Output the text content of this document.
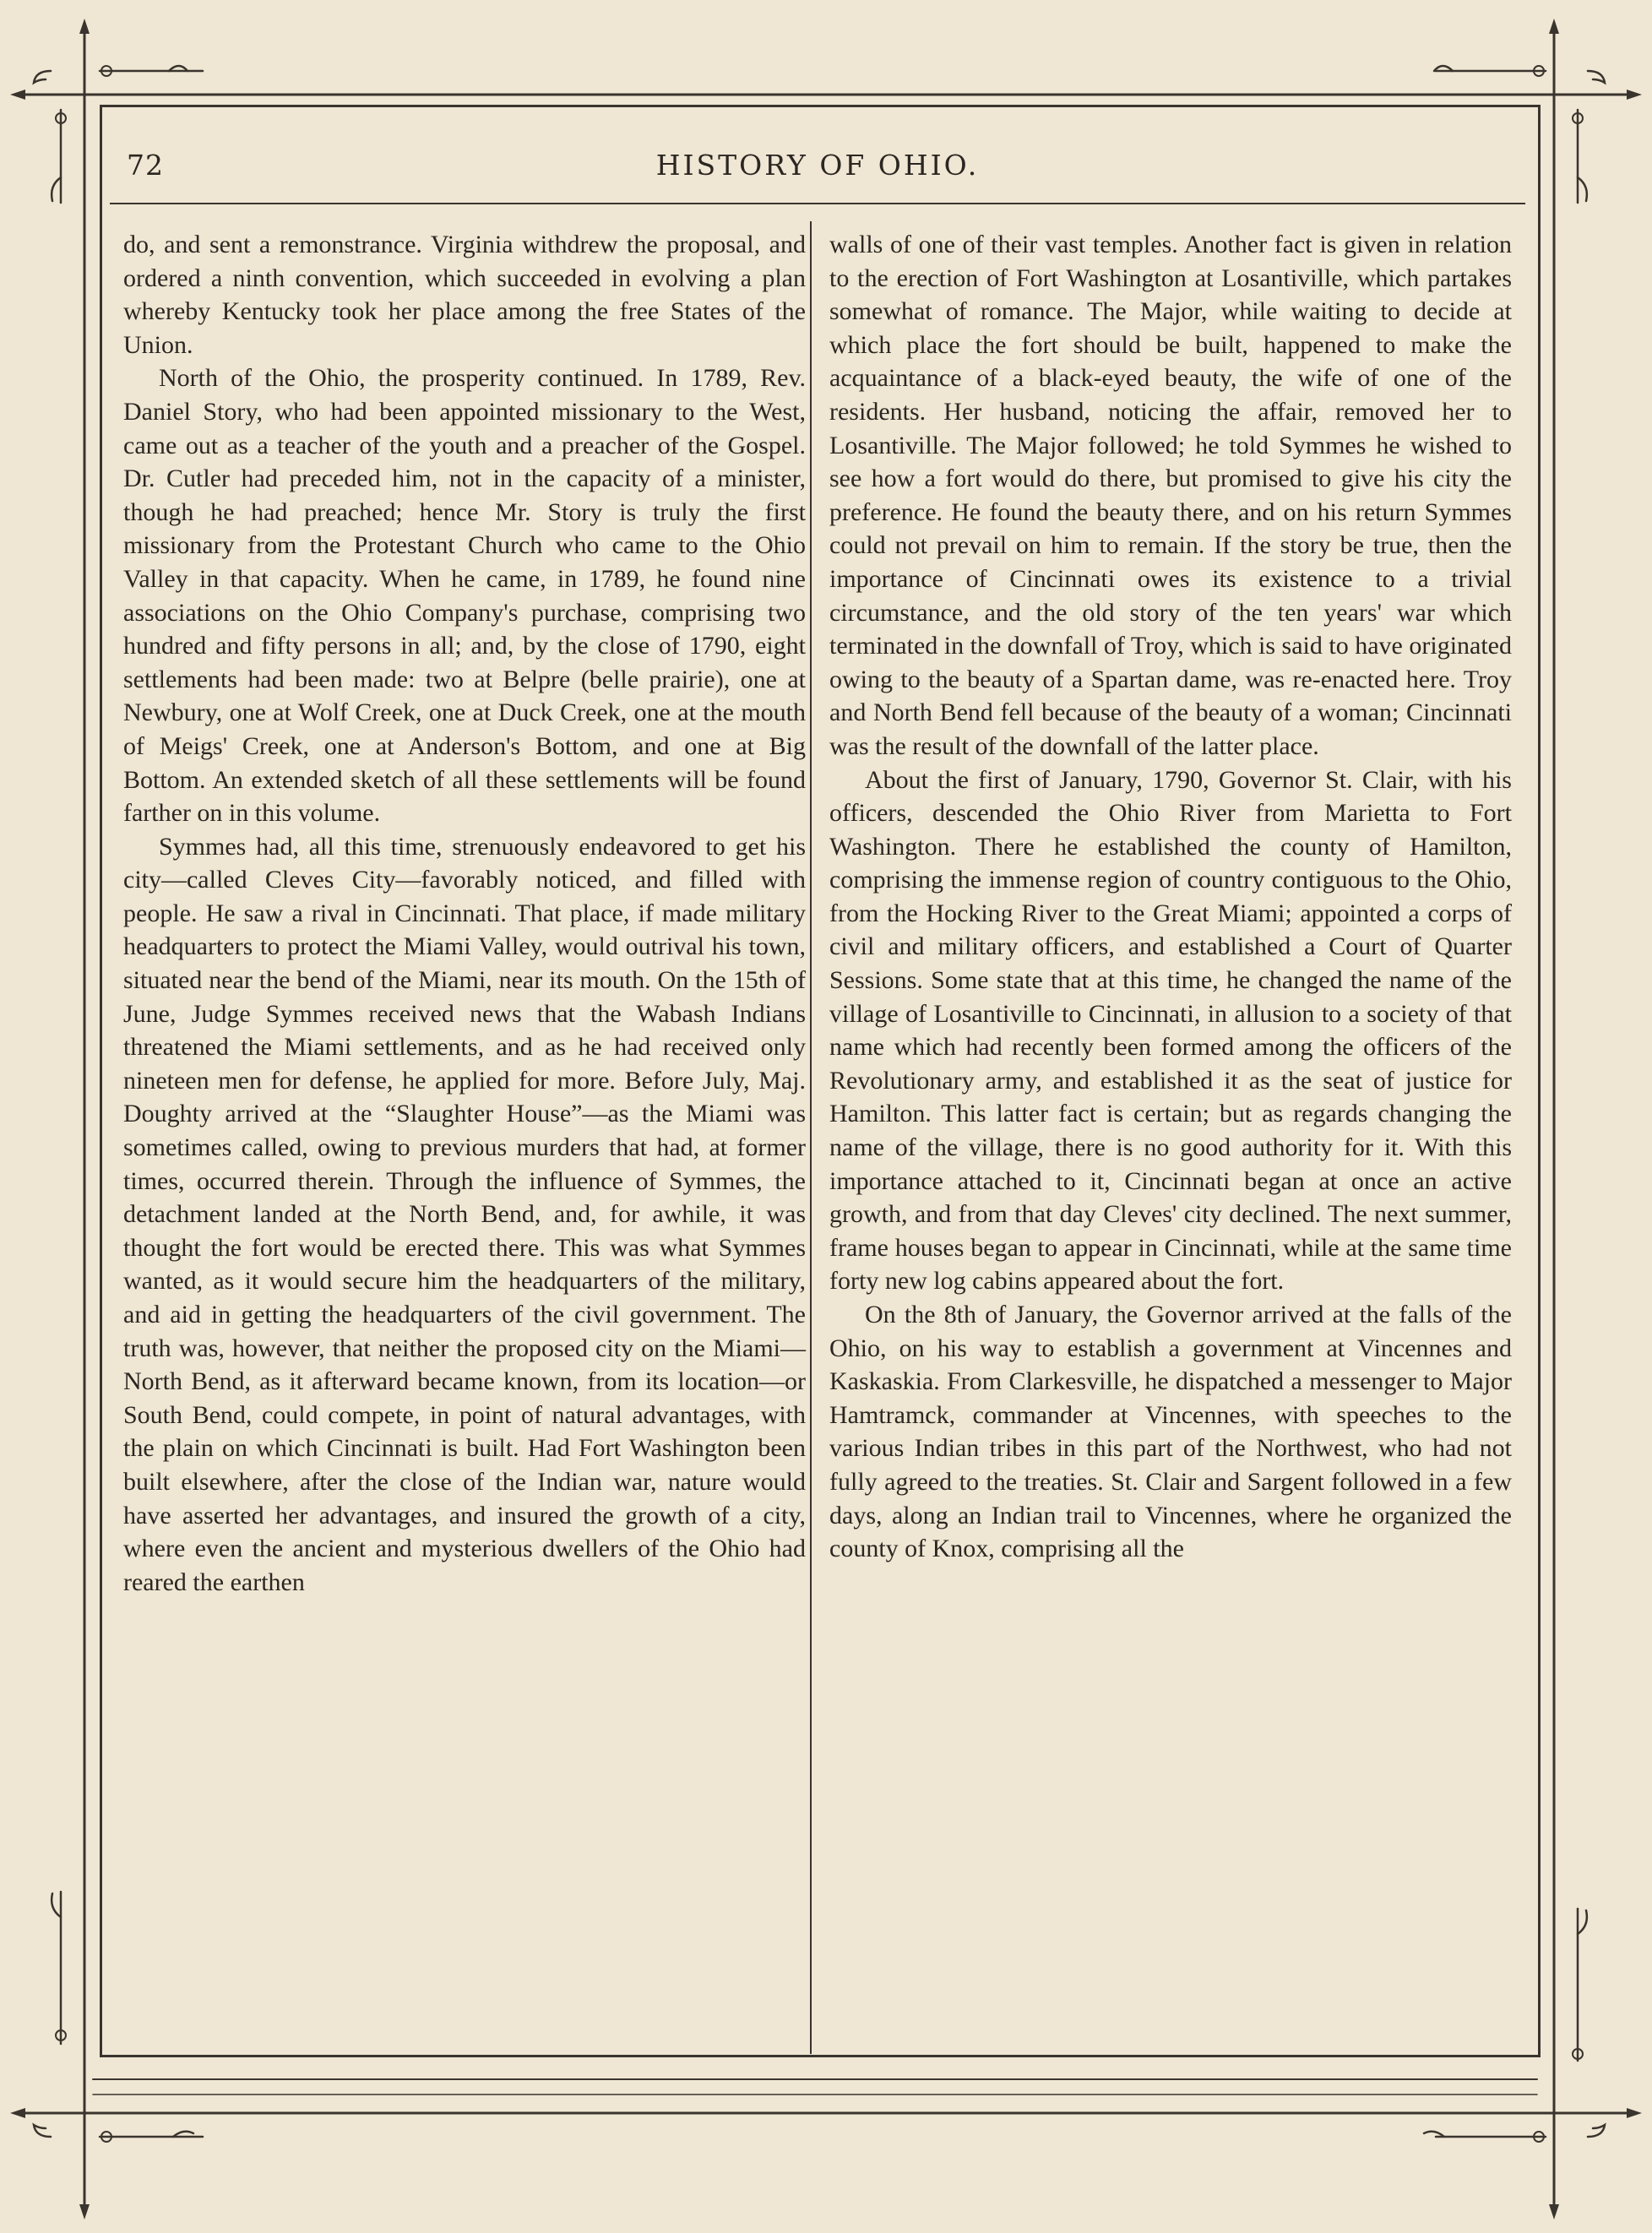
72	HISTORY OF OHIO.

do, and sent a remonstrance. Virginia withdrew the proposal, and ordered a ninth convention, which succeeded in evolving a plan whereby Kentucky took her place among the free States of the Union.

North of the Ohio, the prosperity continued. In 1789, Rev. Daniel Story, who had been appointed missionary to the West, came out as a teacher of the youth and a preacher of the Gospel. Dr. Cutler had preceded him, not in the capacity of a minister, though he had preached; hence Mr. Story is truly the first missionary from the Protestant Church who came to the Ohio Valley in that capacity. When he came, in 1789, he found nine associations on the Ohio Company's purchase, comprising two hundred and fifty persons in all; and, by the close of 1790, eight settlements had been made: two at Belpre (belle prairie), one at Newbury, one at Wolf Creek, one at Duck Creek, one at the mouth of Meigs' Creek, one at Anderson's Bottom, and one at Big Bottom. An extended sketch of all these settlements will be found farther on in this volume.

Symmes had, all this time, strenuously endeavored to get his city—called Cleves City—favorably noticed, and filled with people. He saw a rival in Cincinnati. That place, if made military headquarters to protect the Miami Valley, would outrival his town, situated near the bend of the Miami, near its mouth. On the 15th of June, Judge Symmes received news that the Wabash Indians threatened the Miami settlements, and as he had received only nineteen men for defense, he applied for more. Before July, Maj. Doughty arrived at the “Slaughter House”—as the Miami was sometimes called, owing to previous murders that had, at former times, occurred therein. Through the influence of Symmes, the detachment landed at the North Bend, and, for awhile, it was thought the fort would be erected there. This was what Symmes wanted, as it would secure him the headquarters of the military, and aid in getting the headquarters of the civil government. The truth was, however, that neither the proposed city on the Miami—North Bend, as it afterward became known, from its location—or South Bend, could compete, in point of natural advantages, with the plain on which Cincinnati is built. Had Fort Washington been built elsewhere, after the close of the Indian war, nature would have asserted her advantages, and insured the growth of a city, where even the ancient and mysterious dwellers of the Ohio had reared the earthen

walls of one of their vast temples. Another fact is given in relation to the erection of Fort Washington at Losantiville, which partakes somewhat of romance. The Major, while waiting to decide at which place the fort should be built, happened to make the acquaintance of a black-eyed beauty, the wife of one of the residents. Her husband, noticing the affair, removed her to Losantiville. The Major followed; he told Symmes he wished to see how a fort would do there, but promised to give his city the preference. He found the beauty there, and on his return Symmes could not prevail on him to remain. If the story be true, then the importance of Cincinnati owes its existence to a trivial circumstance, and the old story of the ten years' war which terminated in the downfall of Troy, which is said to have originated owing to the beauty of a Spartan dame, was re-enacted here. Troy and North Bend fell because of the beauty of a woman; Cincinnati was the result of the downfall of the latter place.

About the first of January, 1790, Governor St. Clair, with his officers, descended the Ohio River from Marietta to Fort Washington. There he established the county of Hamilton, comprising the immense region of country contiguous to the Ohio, from the Hocking River to the Great Miami; appointed a corps of civil and military officers, and established a Court of Quarter Sessions. Some state that at this time, he changed the name of the village of Losantiville to Cincinnati, in allusion to a society of that name which had recently been formed among the officers of the Revolutionary army, and established it as the seat of justice for Hamilton. This latter fact is certain; but as regards changing the name of the village, there is no good authority for it. With this importance attached to it, Cincinnati began at once an active growth, and from that day Cleves' city declined. The next summer, frame houses began to appear in Cincinnati, while at the same time forty new log cabins appeared about the fort.

On the 8th of January, the Governor arrived at the falls of the Ohio, on his way to establish a government at Vincennes and Kaskaskia. From Clarkesville, he dispatched a messenger to Major Hamtramck, commander at Vincennes, with speeches to the various Indian tribes in this part of the Northwest, who had not fully agreed to the treaties. St. Clair and Sargent followed in a few days, along an Indian trail to Vincennes, where he organized the county of Knox, comprising all the
